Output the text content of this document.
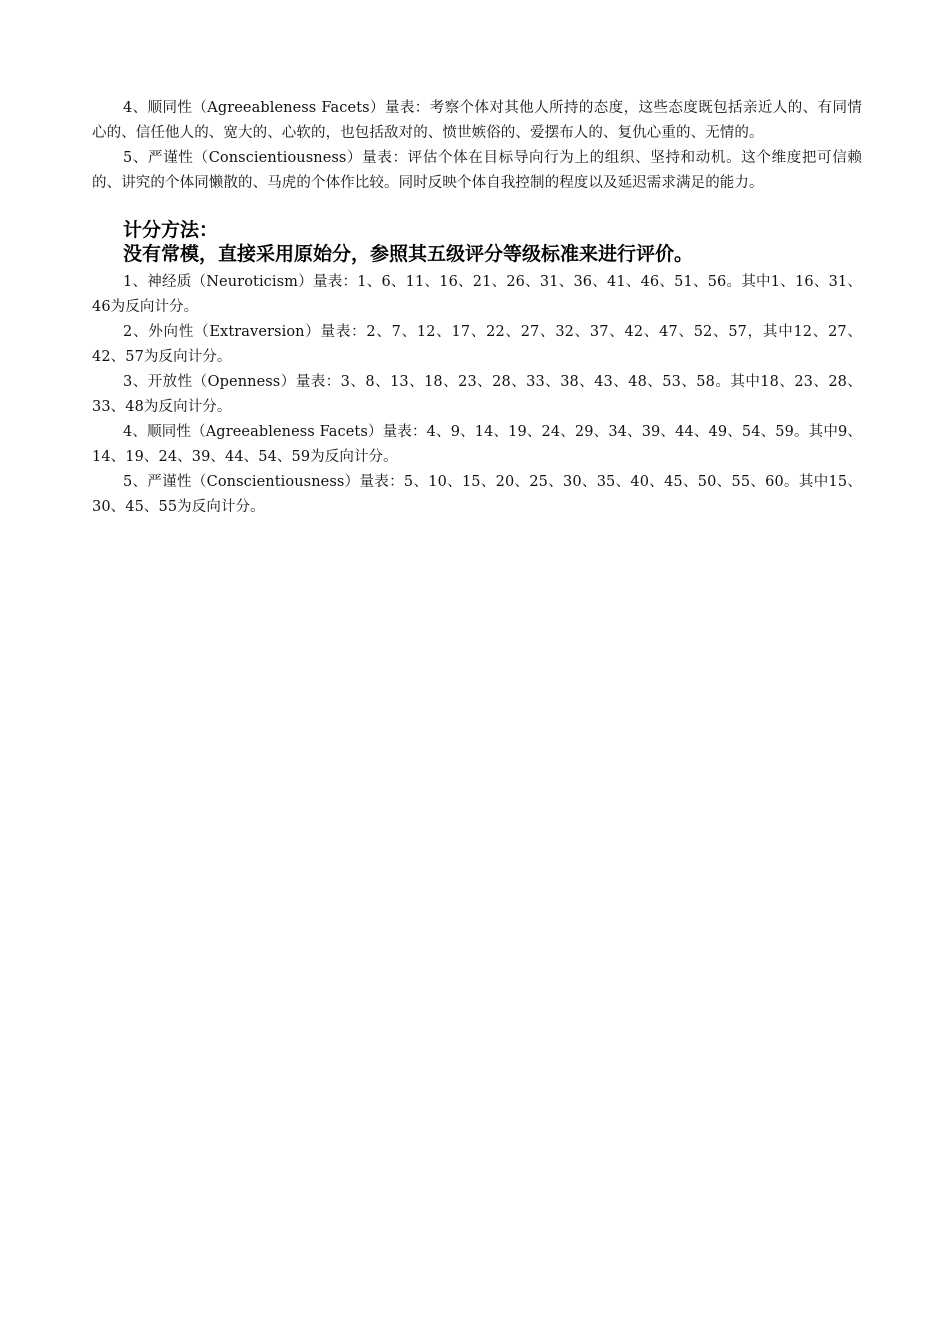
4、顺同性（Agreeableness Facets）量表：考察个体对其他人所持的态度，这些态度既包括亲近人的、有同情心的、信任他人的、宽大的、心软的，也包括敌对的、愤世嫉俗的、爱摆布人的、复仇心重的、无情的。

5、严谨性（Conscientiousness）量表：评估个体在目标导向行为上的组织、坚持和动机。这个维度把可信赖的、讲究的个体同懒散的、马虎的个体作比较。同时反映个体自我控制的程度以及延迟需求满足的能力。

计分方法：
没有常模，直接采用原始分，参照其五级评分等级标准来进行评价。

1、神经质（Neuroticism）量表：1、6、11、16、21、26、31、36、41、46、51、56。其中1、16、31、46为反向计分。

2、外向性（Extraversion）量表：2、7、12、17、22、27、32、37、42、47、52、57，其中12、27、42、57为反向计分。

3、开放性（Openness）量表：3、8、13、18、23、28、33、38、43、48、53、58。其中18、23、28、33、48为反向计分。

4、顺同性（Agreeableness Facets）量表：4、9、14、19、24、29、34、39、44、49、54、59。其中9、14、19、24、39、44、54、59为反向计分。

5、严谨性（Conscientiousness）量表：5、10、15、20、25、30、35、40、45、50、55、60。其中15、30、45、55为反向计分。
